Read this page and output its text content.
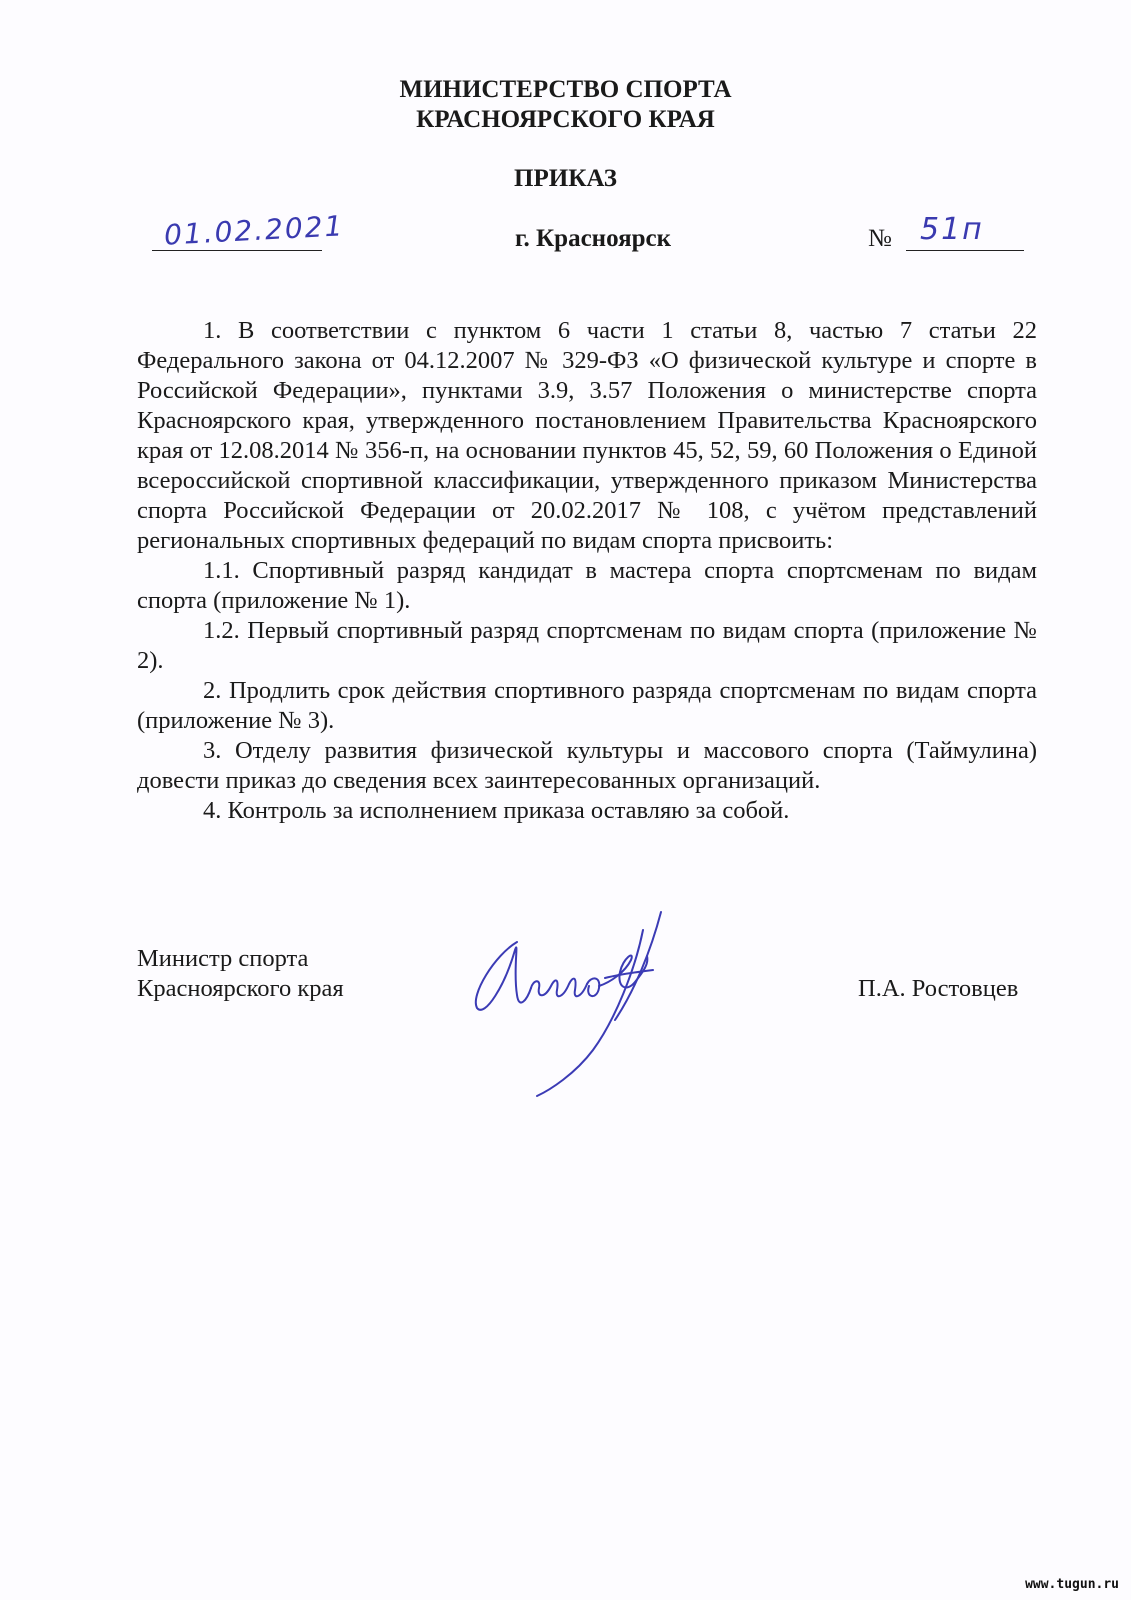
МИНИСТЕРСТВО СПОРТА
КРАСНОЯРСКОГО КРАЯ
ПРИКАЗ
01.02.2021	г. Красноярск	№ 51п

1. В соответствии с пунктом 6 части 1 статьи 8, частью 7 статьи 22 Федерального закона от 04.12.2007 № 329-ФЗ «О физической культуре и спорте в Российской Федерации», пунктами 3.9, 3.57 Положения о министерстве спорта Красноярского края, утвержденного постановлением Правительства Красноярского края от 12.08.2014 № 356-п, на основании пунктов 45, 52, 59, 60 Положения о Единой всероссийской спортивной классификации, утвержденного приказом Министерства спорта Российской Федерации от 20.02.2017 № 108, с учётом представлений региональных спортивных федераций по видам спорта присвоить:

1.1. Спортивный разряд кандидат в мастера спорта спортсменам по видам спорта (приложение № 1).

1.2. Первый спортивный разряд спортсменам по видам спорта (приложение № 2).

2. Продлить срок действия спортивного разряда спортсменам по видам спорта (приложение № 3).

3. Отделу развития физической культуры и массового спорта (Таймулина) довести приказ до сведения всех заинтересованных организаций.

4. Контроль за исполнением приказа оставляю за собой.

Министр спорта
Красноярского края	П.А. Ростовцев
www.tugun.ru
